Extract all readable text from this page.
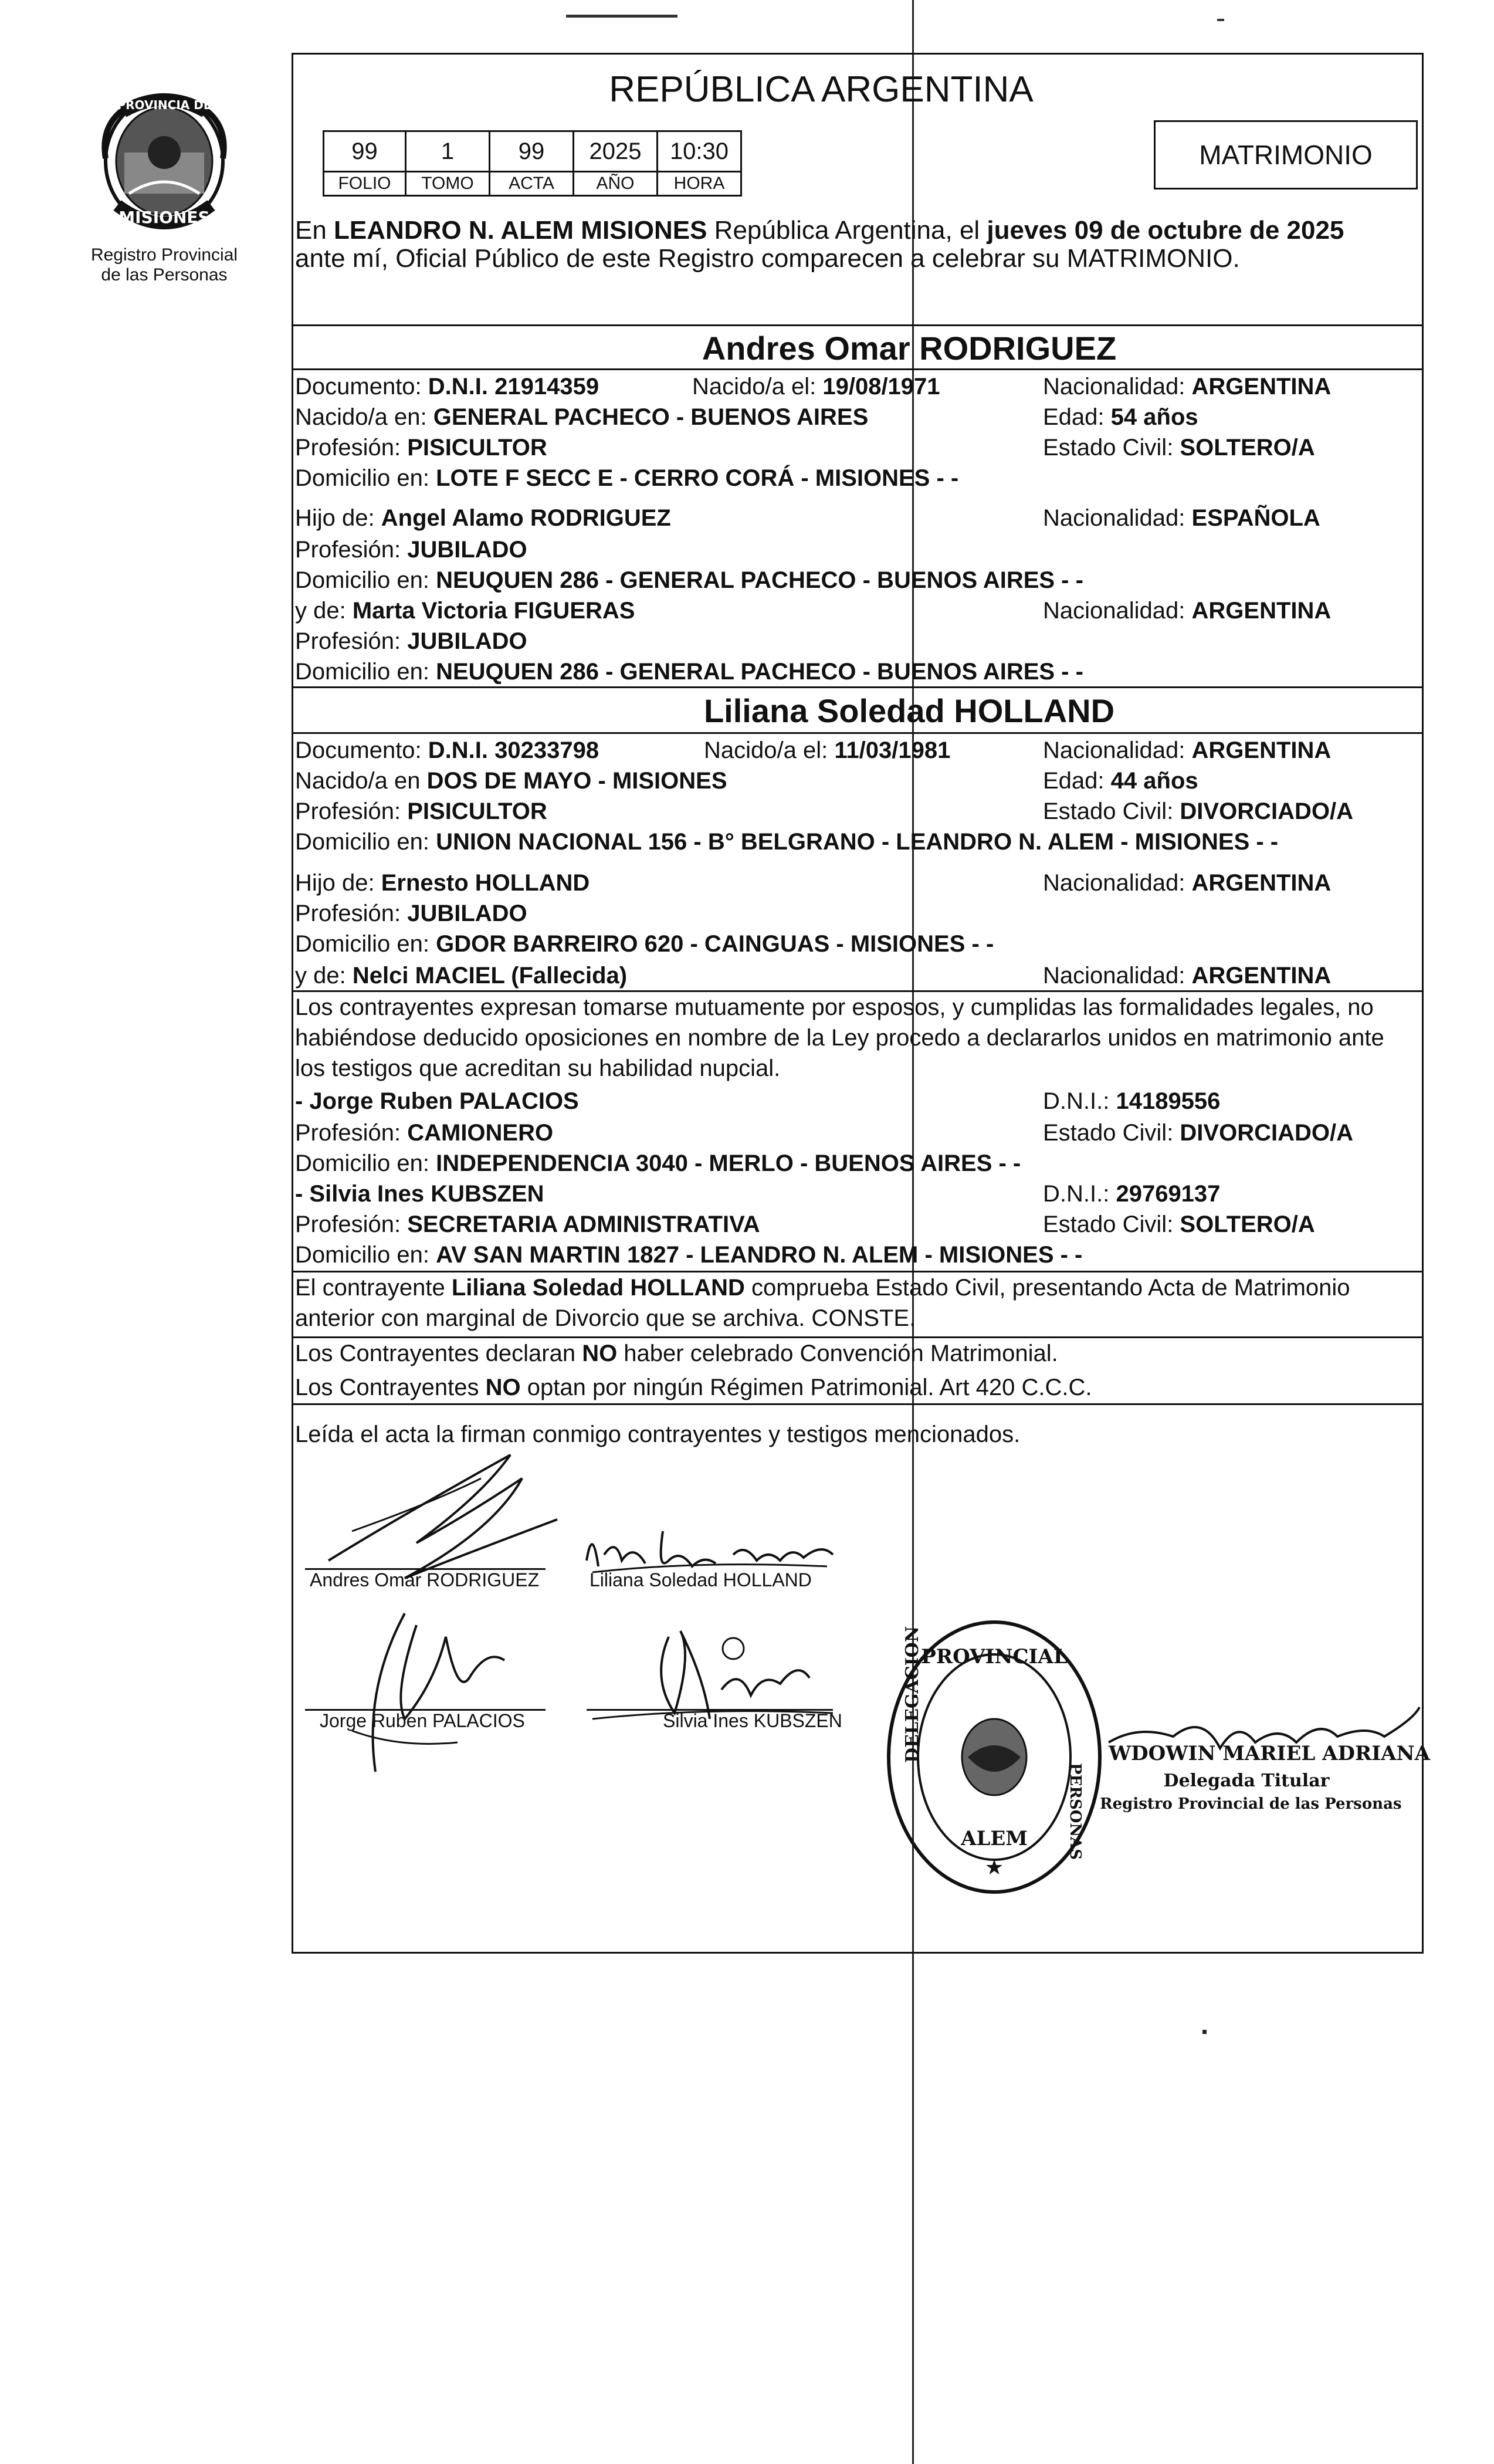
PROVINCIA DE
MISIONES
Registro Provincial
de las Personas
REPÚBLICA ARGENTINA
99	1	99	2025	10:30
FOLIO	TOMO	ACTA	AÑO	HORA
MATRIMONIO
En LEANDRO N. ALEM MISIONES República Argentina, el jueves 09 de octubre de 2025
ante mí, Oficial Público de este Registro comparecen a celebrar su MATRIMONIO.
Andres Omar RODRIGUEZ
Documento: D.N.I. 21914359	Nacido/a el: 19/08/1971	Nacionalidad: ARGENTINA
Nacido/a en: GENERAL PACHECO - BUENOS AIRES	Edad: 54 años
Profesión: PISICULTOR	Estado Civil: SOLTERO/A
Domicilio en: LOTE F SECC E - CERRO CORÁ - MISIONES - -
Hijo de: Angel Alamo RODRIGUEZ	Nacionalidad: ESPAÑOLA
Profesión: JUBILADO
Domicilio en: NEUQUEN 286 - GENERAL PACHECO - BUENOS AIRES - -
y de: Marta Victoria FIGUERAS	Nacionalidad: ARGENTINA
Profesión: JUBILADO
Domicilio en: NEUQUEN 286 - GENERAL PACHECO - BUENOS AIRES - -
Liliana Soledad HOLLAND
Documento: D.N.I. 30233798	Nacido/a el: 11/03/1981	Nacionalidad: ARGENTINA
Nacido/a en DOS DE MAYO - MISIONES	Edad: 44 años
Profesión: PISICULTOR	Estado Civil: DIVORCIADO/A
Domicilio en: UNION NACIONAL 156 - B° BELGRANO - LEANDRO N. ALEM - MISIONES - -
Hijo de: Ernesto HOLLAND	Nacionalidad: ARGENTINA
Profesión: JUBILADO
Domicilio en: GDOR BARREIRO 620 - CAINGUAS - MISIONES - -
y de: Nelci MACIEL (Fallecida)	Nacionalidad: ARGENTINA
Los contrayentes expresan tomarse mutuamente por esposos, y cumplidas las formalidades legales, no
habiéndose deducido oposiciones en nombre de la Ley procedo a declararlos unidos en matrimonio ante
los testigos que acreditan su habilidad nupcial.
- Jorge Ruben PALACIOS	D.N.I.: 14189556
Profesión: CAMIONERO	Estado Civil: DIVORCIADO/A
Domicilio en: INDEPENDENCIA 3040 - MERLO - BUENOS AIRES - -
- Silvia Ines KUBSZEN	D.N.I.: 29769137
Profesión: SECRETARIA ADMINISTRATIVA	Estado Civil: SOLTERO/A
Domicilio en: AV SAN MARTIN 1827 - LEANDRO N. ALEM - MISIONES - -
El contrayente Liliana Soledad HOLLAND comprueba Estado Civil, presentando Acta de Matrimonio
anterior con marginal de Divorcio que se archiva. CONSTE.
Los Contrayentes declaran NO haber celebrado Convención Matrimonial.
Los Contrayentes NO optan por ningún Régimen Patrimonial. Art 420 C.C.C.
Leída el acta la firman conmigo contrayentes y testigos mencionados.
Andres Omar RODRIGUEZ	Liliana Soledad HOLLAND
Jorge Ruben PALACIOS	Silvia Ines KUBSZEN
PROVINCIAL
DELEGACION
PERSONAS
ALEM
★
WDOWIN MARIEL ADRIANA
Delegada Titular
Registro Provincial de las Personas
